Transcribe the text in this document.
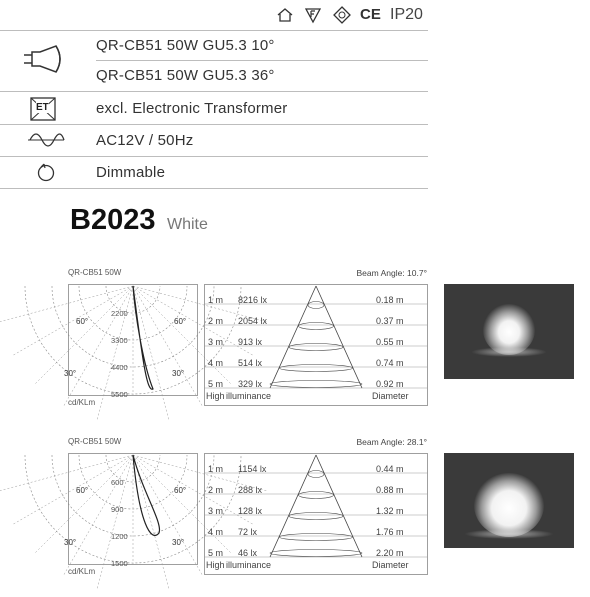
CE IP20
QR-CB51 50W GU5.3 10°
QR-CB51 50W GU5.3 36°
ET	excl. Electronic Transformer
AC12V / 50Hz
Dimmable
B2023 White
QR-CB51 50W	Beam Angle: 10.7°
cd/KLm
60°	60°
30°	30°
2200
3300
4400
5500
1 m 8216 lx	0.18 m
2 m 2054 lx	0.37 m
3 m 913 lx	0.55 m
4 m 514 lx	0.74 m
5 m 329 lx	0.92 m
High illuminance	Diameter
QR-CB51 50W	Beam Angle: 28.1°
cd/KLm
60°	60°
30°	30°
600
900
1200
1500
1 m 1154 lx	0.44 m
2 m 288 lx	0.88 m
3 m 128 lx	1.32 m
4 m 72 lx	1.76 m
5 m 46 lx	2.20 m
High illuminance	Diameter
